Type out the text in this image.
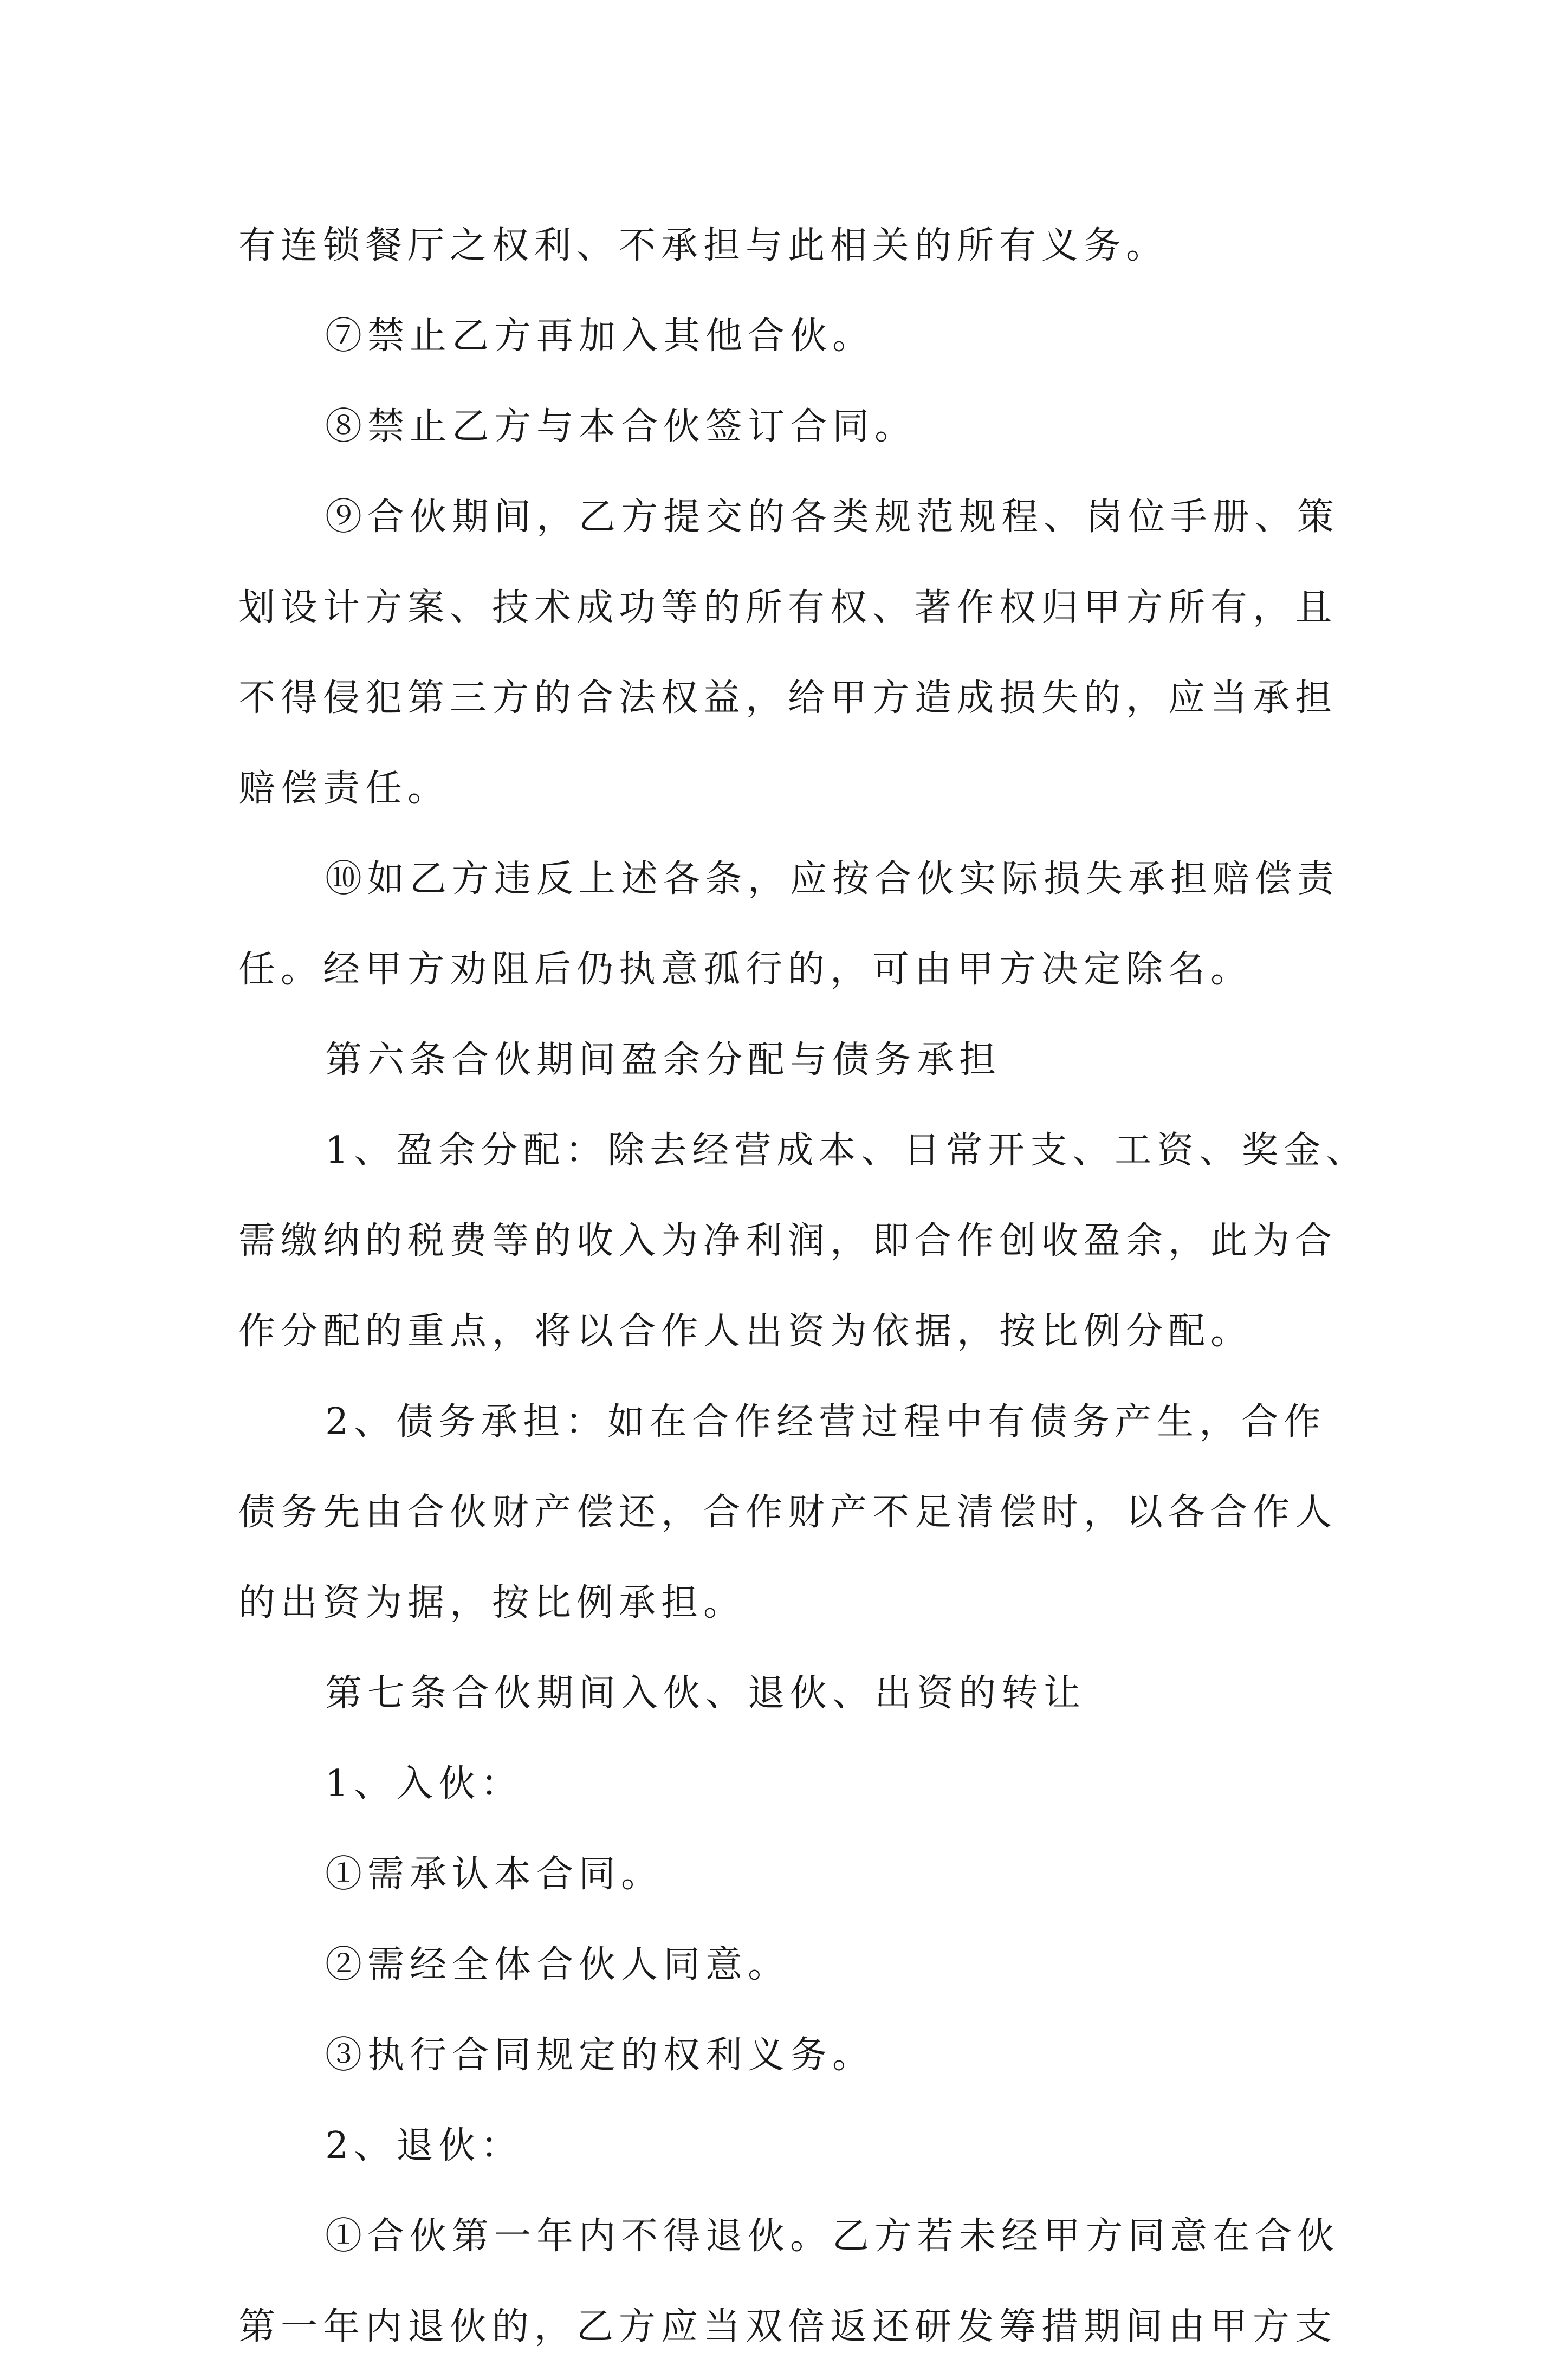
有连锁餐厅之权利、不承担与此相关的所有义务。
⑦禁止乙方再加入其他合伙。
⑧禁止乙方与本合伙签订合同。
⑨合伙期间，乙方提交的各类规范规程、岗位手册、策
划设计方案、技术成功等的所有权、著作权归甲方所有，且
不得侵犯第三方的合法权益，给甲方造成损失的，应当承担
赔偿责任。
⑩如乙方违反上述各条，应按合伙实际损失承担赔偿责
任。经甲方劝阻后仍执意孤行的，可由甲方决定除名。
第六条合伙期间盈余分配与债务承担
1、盈余分配：除去经营成本、日常开支、工资、奖金、
需缴纳的税费等的收入为净利润，即合作创收盈余，此为合
作分配的重点，将以合作人出资为依据，按比例分配。
2、债务承担：如在合作经营过程中有债务产生，合作
债务先由合伙财产偿还，合作财产不足清偿时，以各合作人
的出资为据，按比例承担。
第七条合伙期间入伙、退伙、出资的转让
1、入伙：
①需承认本合同。
②需经全体合伙人同意。
③执行合同规定的权利义务。
2、退伙：
①合伙第一年内不得退伙。乙方若未经甲方同意在合伙
第一年内退伙的，乙方应当双倍返还研发筹措期间由甲方支
